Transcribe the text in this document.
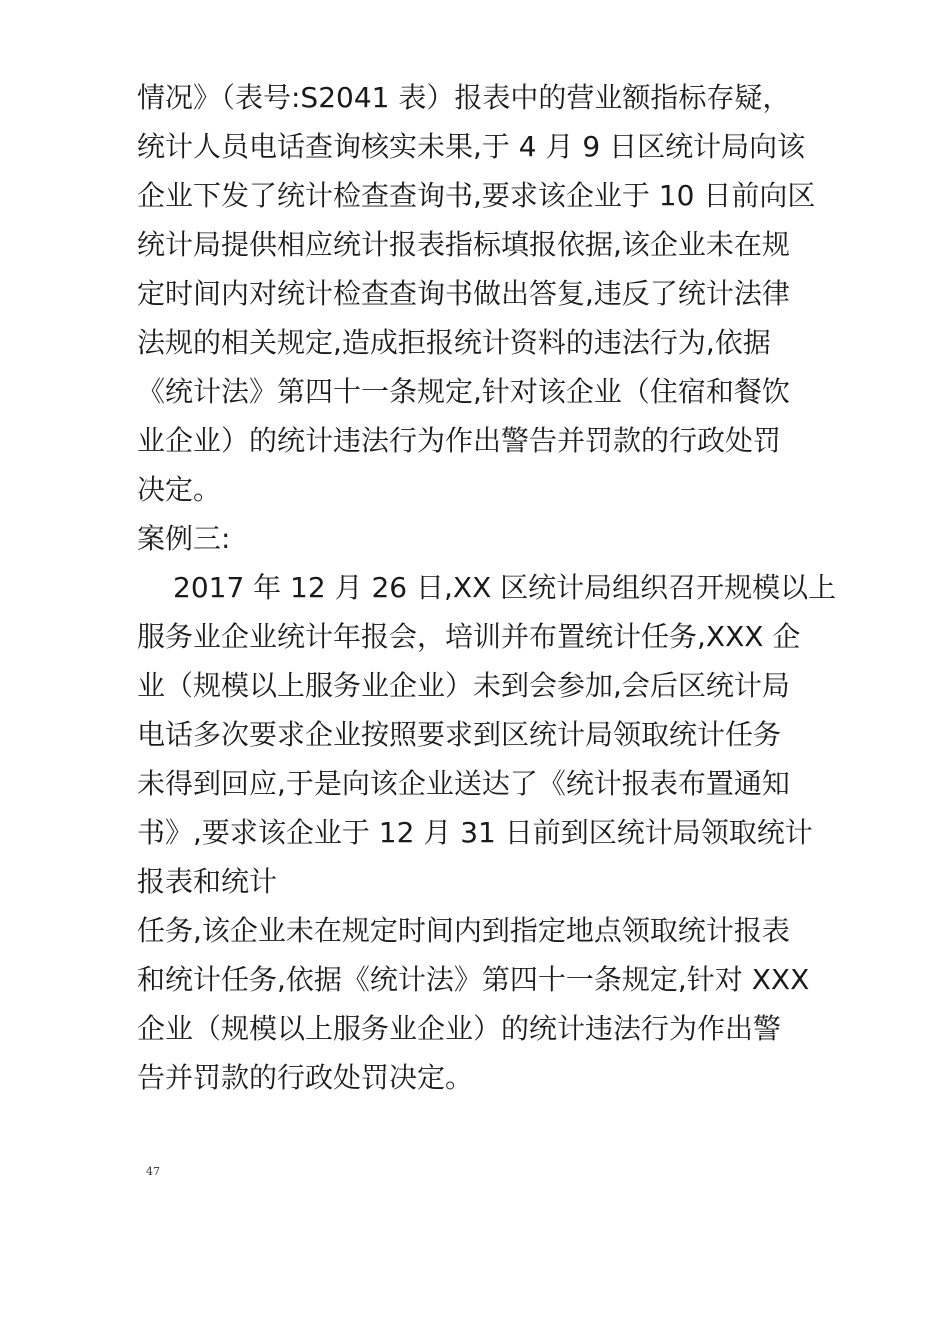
情况》（表号:S2041 表）报表中的营业额指标存疑，
统计人员电话查询核实未果,于 4 月 9 日区统计局向该
企业下发了统计检查查询书,要求该企业于 10 日前向区
统计局提供相应统计报表指标填报依据,该企业未在规
定时间内对统计检查查询书做出答复,违反了统计法律
法规的相关规定,造成拒报统计资料的违法行为,依据
《统计法》第四十一条规定,针对该企业（住宿和餐饮
业企业）的统计违法行为作出警告并罚款的行政处罚
决定。
案例三:
2017 年 12 月 26 日,XX 区统计局组织召开规模以上
服务业企业统计年报会，培训并布置统计任务,XXX 企
业（规模以上服务业企业）未到会参加,会后区统计局
电话多次要求企业按照要求到区统计局领取统计任务
未得到回应,于是向该企业送达了《统计报表布置通知
书》,要求该企业于 12 月 31 日前到区统计局领取统计
报表和统计
任务,该企业未在规定时间内到指定地点领取统计报表
和统计任务,依据《统计法》第四十一条规定,针对 XXX
企业（规模以上服务业企业）的统计违法行为作出警
告并罚款的行政处罚决定。
47
